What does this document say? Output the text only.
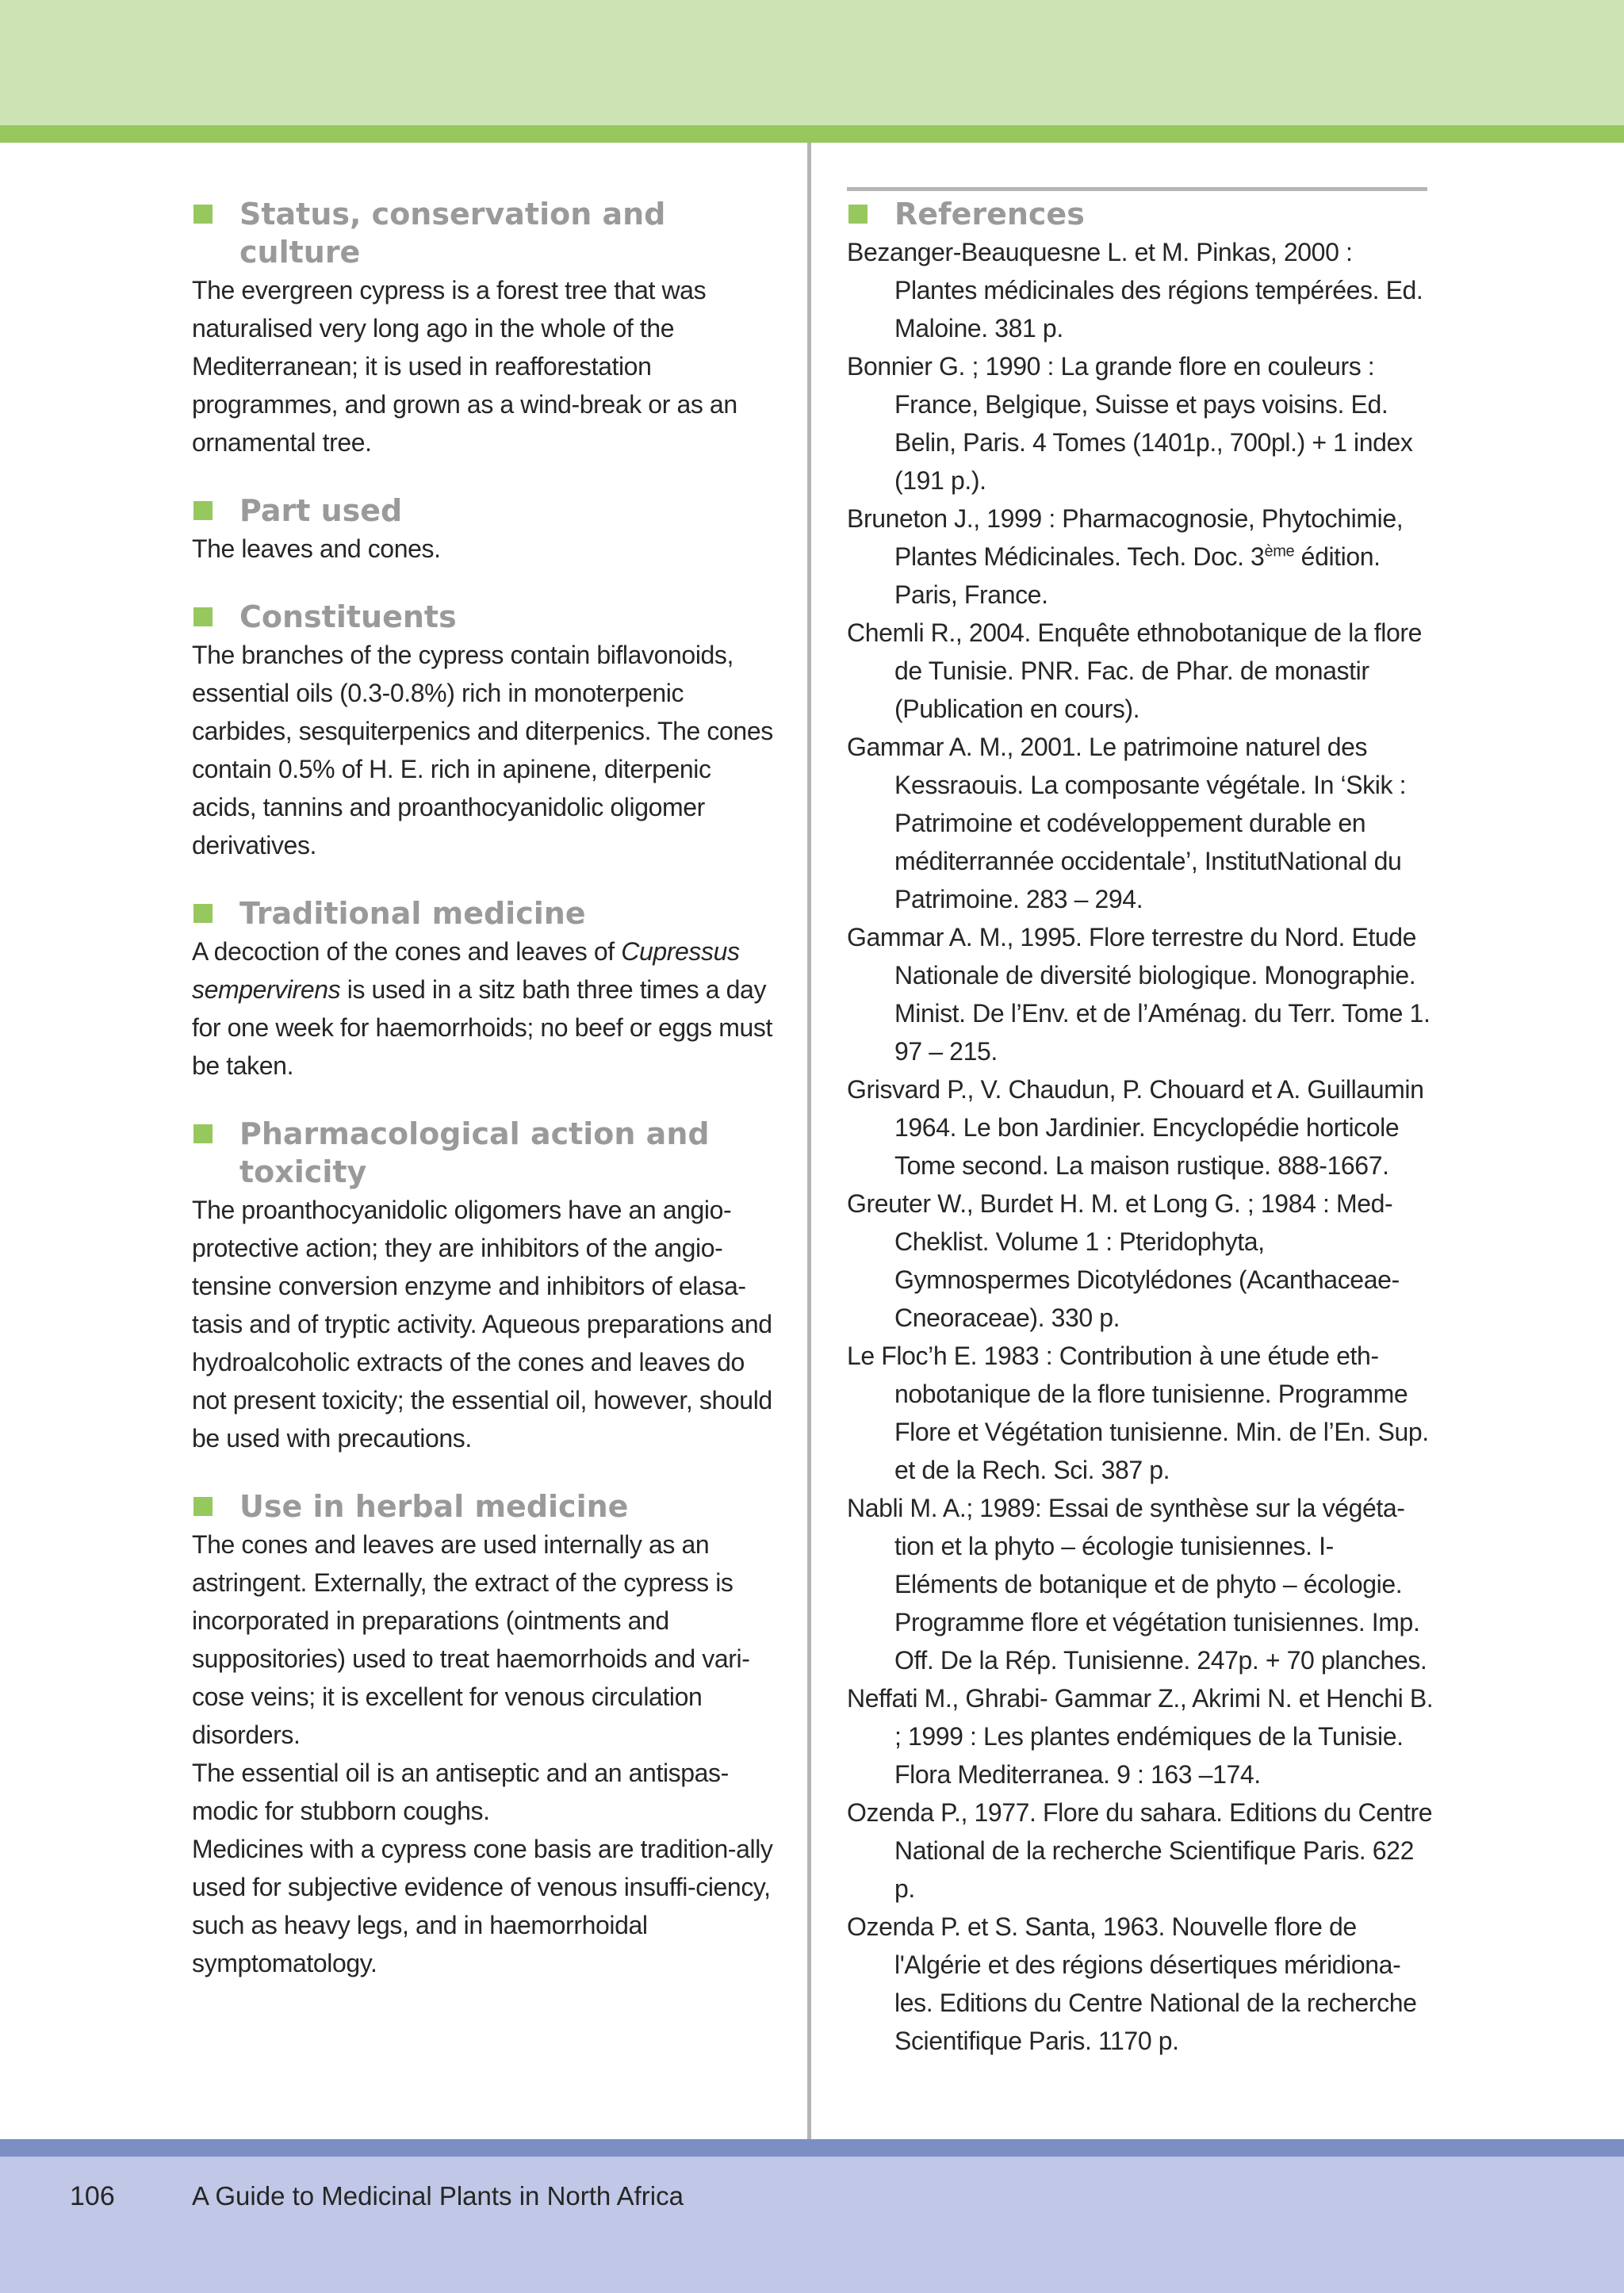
Status, conservation and culture

The evergreen cypress is a forest tree that was naturalised very long ago in the whole of the Mediterranean; it is used in reafforestation programmes, and grown as a wind-break or as an ornamental tree.

Part used

The leaves and cones.

Constituents

The branches of the cypress contain biflavonoids, essential oils (0.3-0.8%) rich in monoterpenic carbides, sesquiterpenics and diterpenics. The cones contain 0.5% of H. E. rich in apinene, diterpenic acids, tannins and proanthocyanidolic oligomer derivatives.

Traditional medicine

A decoction of the cones and leaves of Cupressus sempervirens is used in a sitz bath three times a day for one week for haemorrhoids; no beef or eggs must be taken.

Pharmacological action and toxicity

The proanthocyanidolic oligomers have an angio-protective action; they are inhibitors of the angio-tensine conversion enzyme and inhibitors of elasa-tasis and of tryptic activity. Aqueous preparations and hydroalcoholic extracts of the cones and leaves do not present toxicity; the essential oil, however, should be used with precautions.

Use in herbal medicine

The cones and leaves are used internally as an astringent. Externally, the extract of the cypress is incorporated in preparations (ointments and suppositories) used to treat haemorrhoids and vari-cose veins; it is excellent for venous circulation disorders.

The essential oil is an antiseptic and an antispas-modic for stubborn coughs.

Medicines with a cypress cone basis are tradition-ally used for subjective evidence of venous insuffi-ciency, such as heavy legs, and in haemorrhoidal symptomatology.

References
Bezanger-Beauquesne L. et M. Pinkas, 2000 : Plantes médicinales des régions tempérées. Ed. Maloine. 381 p.
Bonnier G. ; 1990 : La grande flore en couleurs : France, Belgique, Suisse et pays voisins. Ed. Belin, Paris. 4 Tomes (1401p., 700pl.) + 1 index (191 p.).
Bruneton J., 1999 : Pharmacognosie, Phytochimie, Plantes Médicinales. Tech. Doc. 3ème édition. Paris, France.
Chemli R., 2004. Enquête ethnobotanique de la flore de Tunisie. PNR. Fac. de Phar. de monastir (Publication en cours).
Gammar A. M., 2001. Le patrimoine naturel des Kessraouis. La composante végétale. In ‘Skik : Patrimoine et codéveloppement durable en méditerrannée occidentale’, InstitutNational du Patrimoine. 283 – 294.
Gammar A. M., 1995. Flore terrestre du Nord. Etude Nationale de diversité biologique. Monographie. Minist. De l’Env. et de l’Aménag. du Terr. Tome 1. 97 – 215.
Grisvard P., V. Chaudun, P. Chouard et A. Guillaumin 1964. Le bon Jardinier. Encyclopédie horticole Tome second. La maison rustique. 888-1667.
Greuter W., Burdet H. M. et Long G. ; 1984 : Med-Cheklist. Volume 1 : Pteridophyta, Gymnospermes Dicotylédones (Acanthaceae-Cneoraceae). 330 p.
Le Floc’h E. 1983 : Contribution à une étude eth-nobotanique de la flore tunisienne. Programme Flore et Végétation tunisienne. Min. de l’En. Sup. et de la Rech. Sci. 387 p.
Nabli M. A.; 1989: Essai de synthèse sur la végéta-tion et la phyto – écologie tunisiennes. I-Eléments de botanique et de phyto – écologie. Programme flore et végétation tunisiennes. Imp. Off. De la Rép. Tunisienne. 247p. + 70 planches.
Neffati M., Ghrabi- Gammar Z., Akrimi N. et Henchi B. ; 1999 : Les plantes endémiques de la Tunisie. Flora Mediterranea. 9 : 163 –174.
Ozenda P., 1977. Flore du sahara. Editions du Centre National de la recherche Scientifique Paris. 622 p.
Ozenda P. et S. Santa, 1963. Nouvelle flore de l'Algérie et des régions désertiques méridiona-les. Editions du Centre National de la recherche Scientifique Paris. 1170 p.
106	A Guide to Medicinal Plants in North Africa
